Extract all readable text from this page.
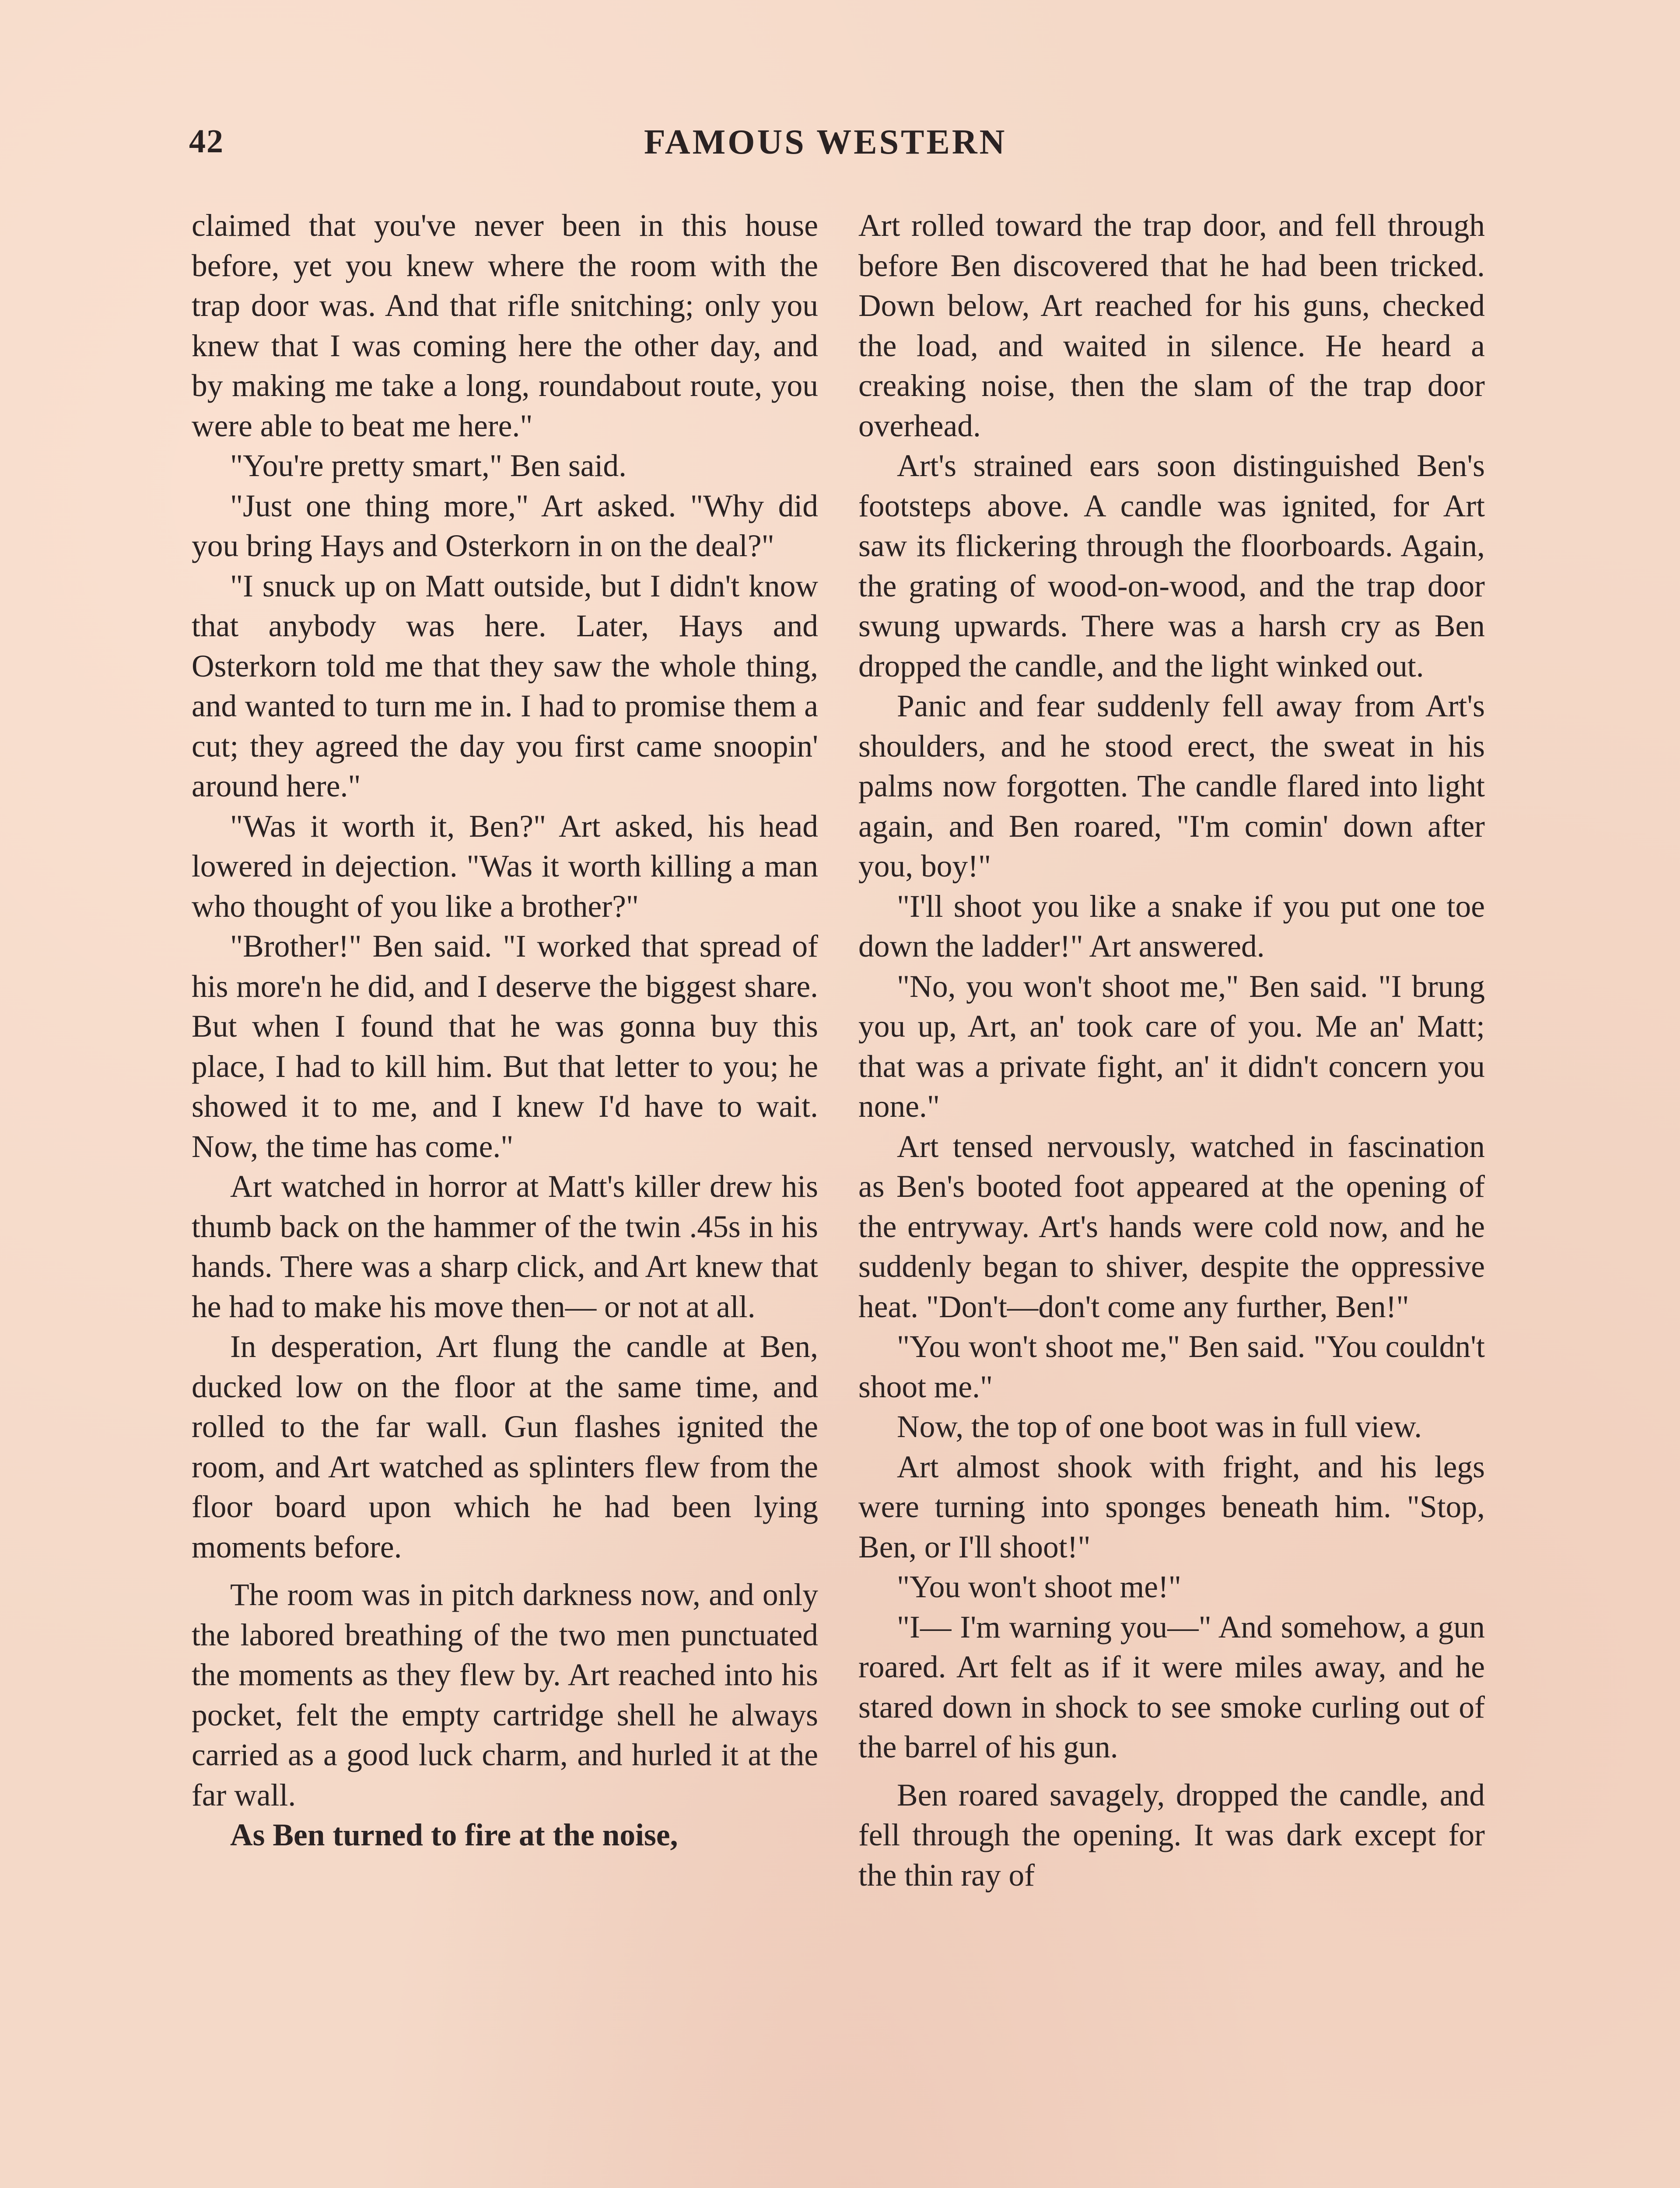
42	FAMOUS WESTERN

claimed that you've never been in this house before, yet you knew where the room with the trap door was. And that rifle snitching; only you knew that I was coming here the other day, and by making me take a long, roundabout route, you were able to beat me here."

"You're pretty smart," Ben said.

"Just one thing more," Art asked. "Why did you bring Hays and Osterkorn in on the deal?"

"I snuck up on Matt outside, but I didn't know that anybody was here. Later, Hays and Osterkorn told me that they saw the whole thing, and wanted to turn me in. I had to promise them a cut; they agreed the day you first came snoopin' around here."

"Was it worth it, Ben?" Art asked, his head lowered in dejection. "Was it worth killing a man who thought of you like a brother?"

"Brother!" Ben said. "I worked that spread of his more'n he did, and I deserve the biggest share. But when I found that he was gonna buy this place, I had to kill him. But that letter to you; he showed it to me, and I knew I'd have to wait. Now, the time has come."

Art watched in horror at Matt's killer drew his thumb back on the hammer of the twin .45s in his hands. There was a sharp click, and Art knew that he had to make his move then— or not at all.

In desperation, Art flung the candle at Ben, ducked low on the floor at the same time, and rolled to the far wall. Gun flashes ignited the room, and Art watched as splinters flew from the floor board upon which he had been lying moments before.

The room was in pitch darkness now, and only the labored breathing of the two men punctuated the moments as they flew by. Art reached into his pocket, felt the empty cartridge shell he always carried as a good luck charm, and hurled it at the far wall.

As Ben turned to fire at the noise,

Art rolled toward the trap door, and fell through before Ben discovered that he had been tricked. Down below, Art reached for his guns, checked the load, and waited in silence. He heard a creaking noise, then the slam of the trap door overhead.

Art's strained ears soon distinguished Ben's footsteps above. A candle was ignited, for Art saw its flickering through the floorboards. Again, the grating of wood-on-wood, and the trap door swung upwards. There was a harsh cry as Ben dropped the candle, and the light winked out.

Panic and fear suddenly fell away from Art's shoulders, and he stood erect, the sweat in his palms now forgotten. The candle flared into light again, and Ben roared, "I'm comin' down after you, boy!"

"I'll shoot you like a snake if you put one toe down the ladder!" Art answered.

"No, you won't shoot me," Ben said. "I brung you up, Art, an' took care of you. Me an' Matt; that was a private fight, an' it didn't concern you none."

Art tensed nervously, watched in fascination as Ben's booted foot appeared at the opening of the entryway. Art's hands were cold now, and he suddenly began to shiver, despite the oppressive heat. "Don't—don't come any further, Ben!"

"You won't shoot me," Ben said. "You couldn't shoot me."

Now, the top of one boot was in full view.

Art almost shook with fright, and his legs were turning into sponges beneath him. "Stop, Ben, or I'll shoot!"

"You won't shoot me!"

"I— I'm warning you—" And somehow, a gun roared. Art felt as if it were miles away, and he stared down in shock to see smoke curling out of the barrel of his gun.

Ben roared savagely, dropped the candle, and fell through the opening. It was dark except for the thin ray of
